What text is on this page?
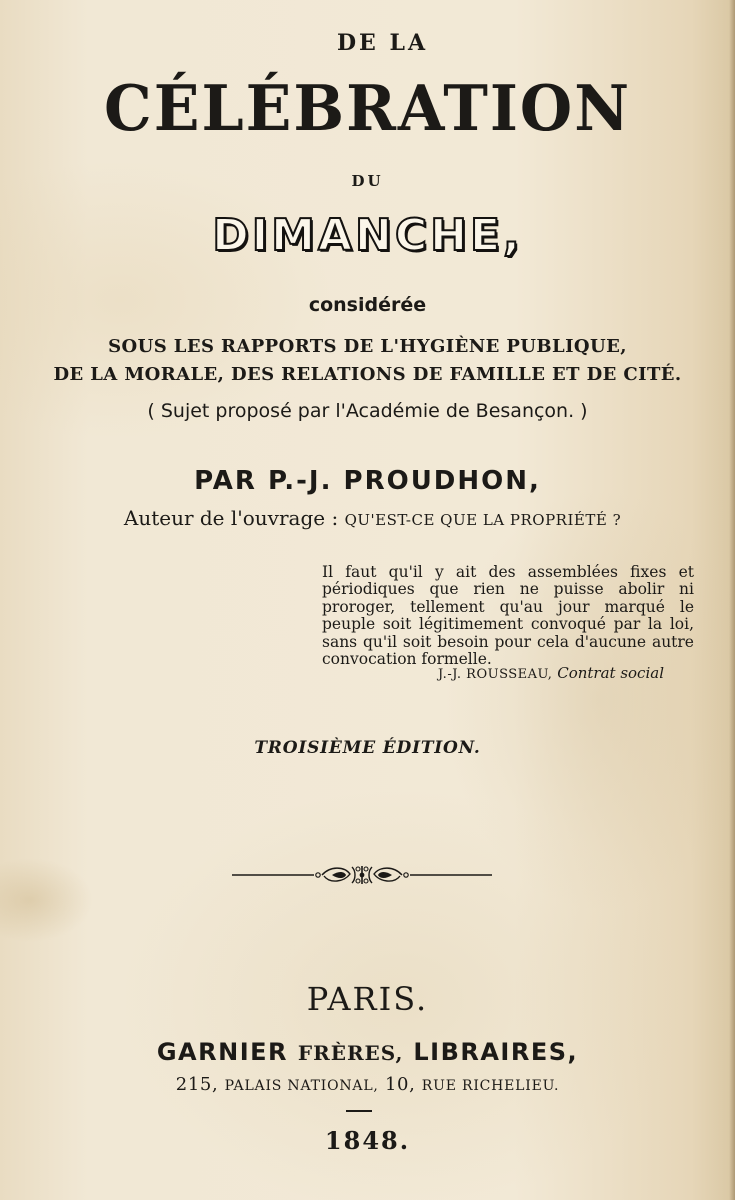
DE LA
CÉLÉBRATION
DU
DIMANCHE,
considérée
SOUS LES RAPPORTS DE L'HYGIÈNE PUBLIQUE,
DE LA MORALE, DES RELATIONS DE FAMILLE ET DE CITÉ.
( Sujet proposé par l'Académie de Besançon. )
PAR P.-J. PROUDHON,
Auteur de l'ouvrage : QU'EST-CE QUE LA PROPRIÉTÉ ?
Il faut qu'il y ait des assemblées fixes et périodiques que rien ne puisse abolir ni proroger, tellement qu'au jour marqué le peuple soit légitimement convoqué par la loi, sans qu'il soit besoin pour cela d'aucune autre convocation formelle.
J.-J. ROUSSEAU, Contrat social
TROISIÈME ÉDITION.
PARIS.
GARNIER FRÈRES, LIBRAIRES,
215, PALAIS NATIONAL, 10, RUE RICHELIEU.
1848.
